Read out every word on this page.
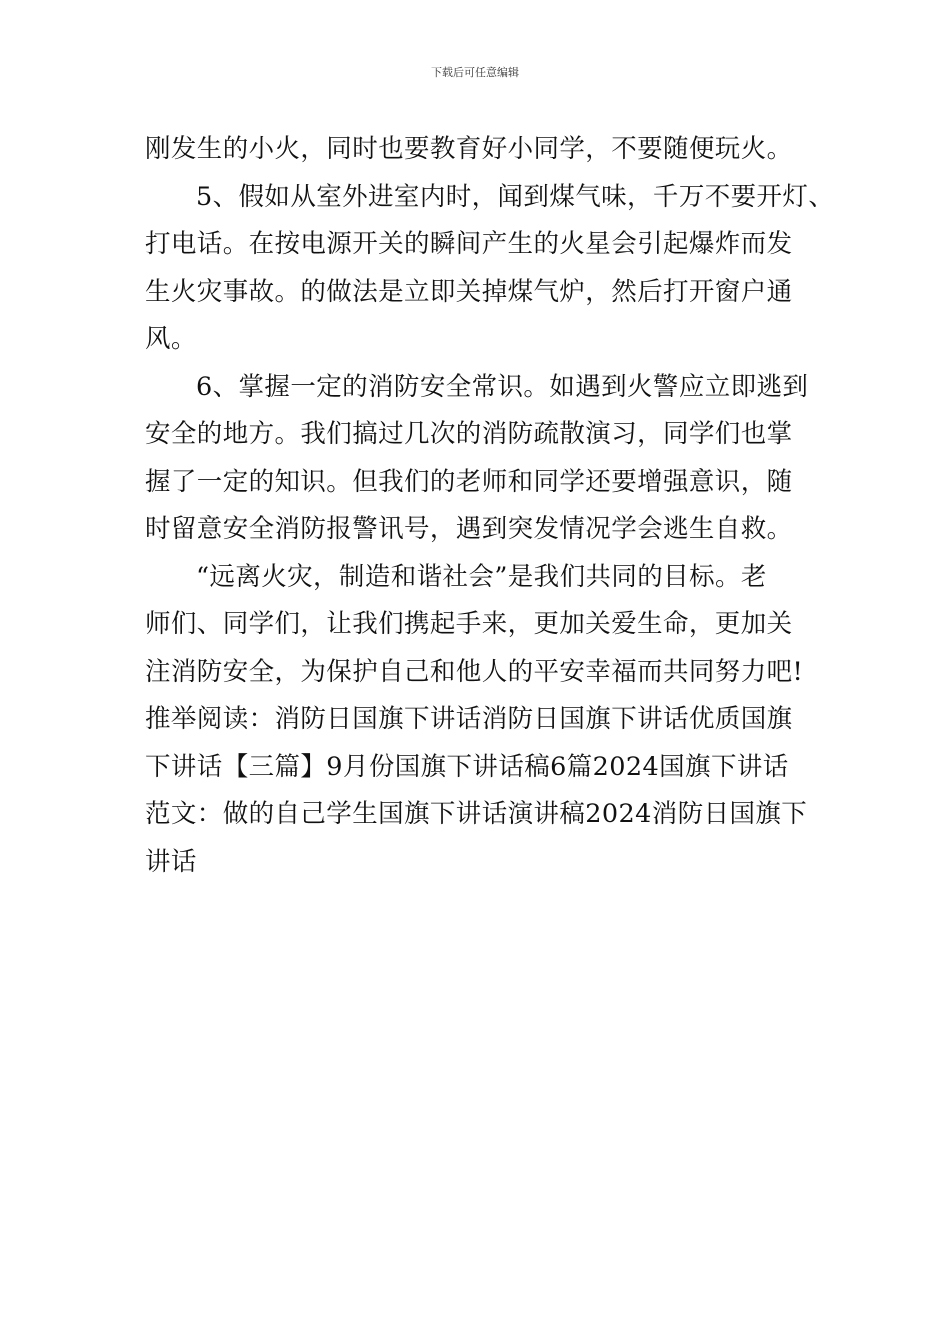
下载后可任意编辑

刚发生的小火，同时也要教育好小同学，不要随便玩火。

5、假如从室外进室内时，闻到煤气味，千万不要开灯、

打电话。在按电源开关的瞬间产生的火星会引起爆炸而发

生火灾事故。的做法是立即关掉煤气炉，然后打开窗户通

风。

6、掌握一定的消防安全常识。如遇到火警应立即逃到

安全的地方。我们搞过几次的消防疏散演习，同学们也掌

握了一定的知识。但我们的老师和同学还要增强意识，随

时留意安全消防报警讯号，遇到突发情况学会逃生自救。

“远离火灾，制造和谐社会”是我们共同的目标。老

师们、同学们，让我们携起手来，更加关爱生命，更加关

注消防安全，为保护自己和他人的平安幸福而共同努力吧!

推举阅读：消防日国旗下讲话消防日国旗下讲话优质国旗

下讲话【三篇】9月份国旗下讲话稿6篇2024国旗下讲话

范文：做的自己学生国旗下讲话演讲稿2024消防日国旗下

讲话
